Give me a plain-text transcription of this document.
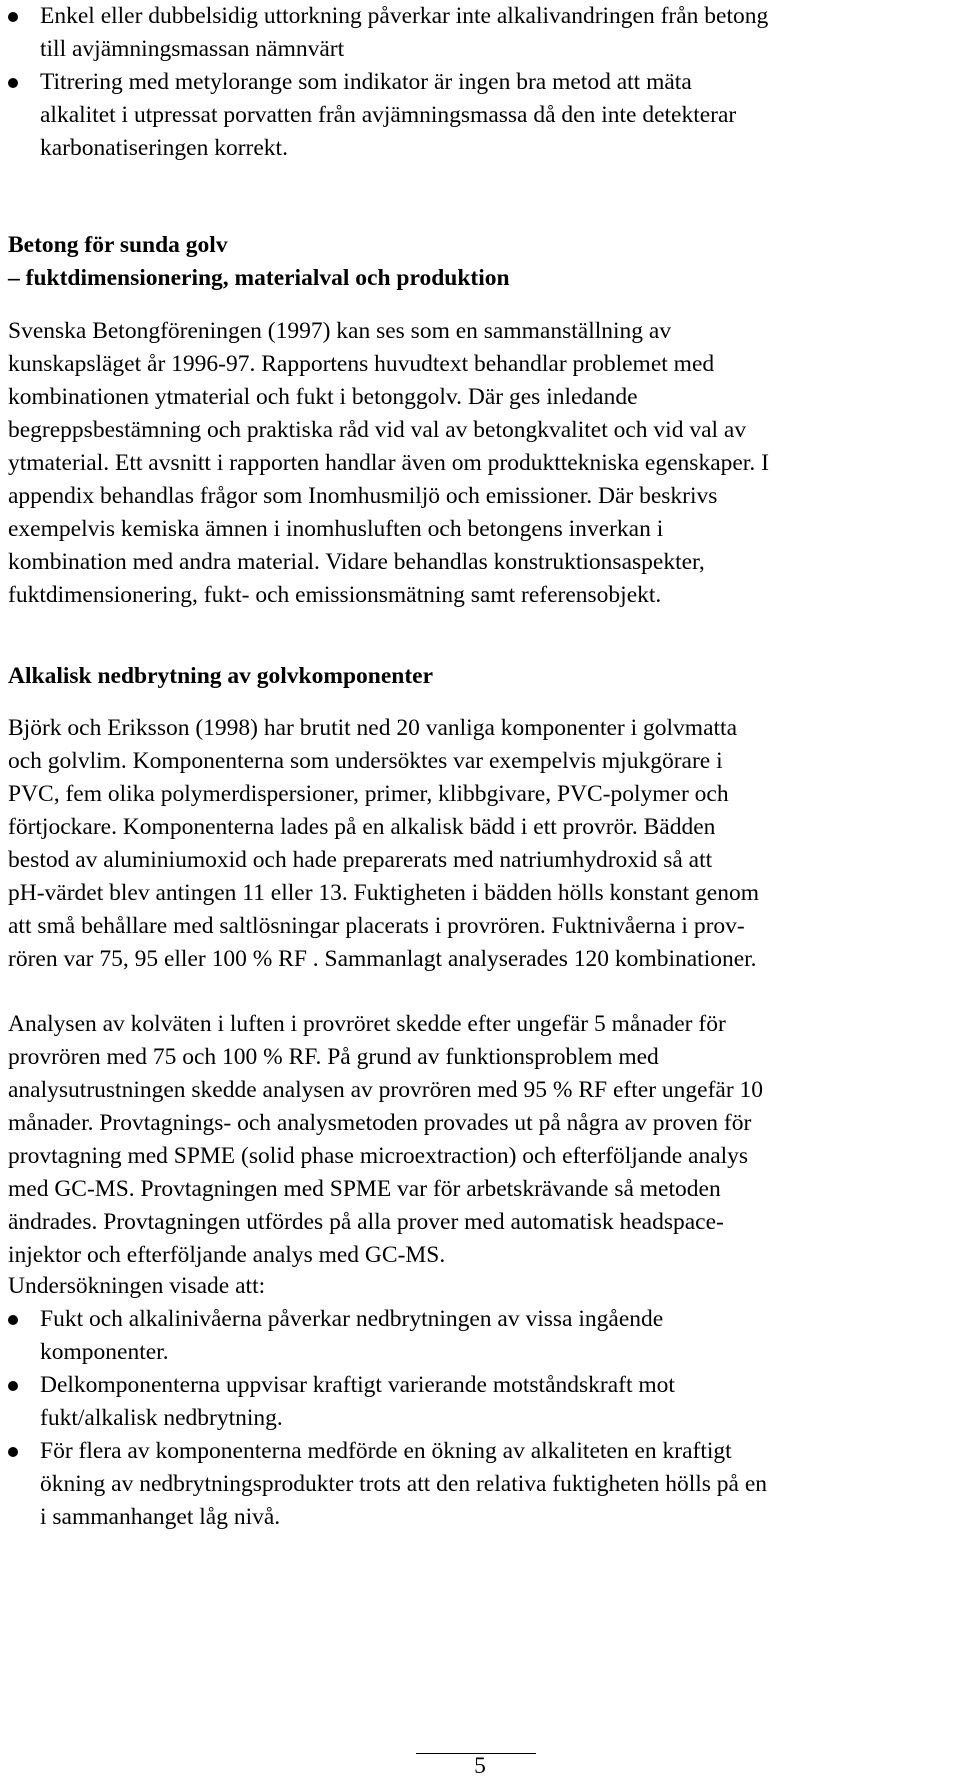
Enkel eller dubbelsidig uttorkning påverkar inte alkalivandringen från betong
till avjämningsmassan nämnvärt
Titrering med metylorange som indikator är ingen bra metod att mäta
alkalitet i utpressat porvatten från avjämningsmassa då den inte detekterar
karbonatiseringen korrekt.
Betong för sunda golv
– fuktdimensionering, materialval och produktion

Svenska Betongföreningen (1997) kan ses som en sammanställning av
kunskapsläget år 1996-97. Rapportens huvudtext behandlar problemet med
kombinationen ytmaterial och fukt i betonggolv. Där ges inledande
begreppsbestämning och praktiska råd vid val av betongkvalitet och vid val av
ytmaterial. Ett avsnitt i rapporten handlar även om produkttekniska egenskaper. I
appendix behandlas frågor som Inomhusmiljö och emissioner. Där beskrivs
exempelvis kemiska ämnen i inomhusluften och betongens inverkan i
kombination med andra material. Vidare behandlas konstruktionsaspekter,
fuktdimensionering, fukt- och emissionsmätning samt referensobjekt.

Alkalisk nedbrytning av golvkomponenter

Björk och Eriksson (1998) har brutit ned 20 vanliga komponenter i golvmatta
och golvlim. Komponenterna som undersöktes var exempelvis mjukgörare i
PVC, fem olika polymerdispersioner, primer, klibbgivare, PVC-polymer och
förtjockare. Komponenterna lades på en alkalisk bädd i ett provrör. Bädden
bestod av aluminiumoxid och hade preparerats med natriumhydroxid så att
pH-värdet blev antingen 11 eller 13. Fuktigheten i bädden hölls konstant genom
att små behållare med saltlösningar placerats i provrören. Fuktnivåerna i prov-
rören var 75, 95 eller 100 % RF . Sammanlagt analyserades 120 kombinationer.

Analysen av kolväten i luften i provröret skedde efter ungefär 5 månader för
provrören med 75 och 100 % RF. På grund av funktionsproblem med
analysutrustningen skedde analysen av provrören med 95 % RF efter ungefär 10
månader. Provtagnings- och analysmetoden provades ut på några av proven för
provtagning med SPME (solid phase microextraction) och efterföljande analys
med GC-MS. Provtagningen med SPME var för arbetskrävande så metoden
ändrades. Provtagningen utfördes på alla prover med automatisk headspace-
injektor och efterföljande analys med GC-MS.

Undersökningen visade att:

Fukt och alkalinivåerna påverkar nedbrytningen av vissa ingående
komponenter.
Delkomponenterna uppvisar kraftigt varierande motståndskraft mot
fukt/alkalisk nedbrytning.
För flera av komponenterna medförde en ökning av alkaliteten en kraftigt
ökning av nedbrytningsprodukter trots att den relativa fuktigheten hölls på en
i sammanhanget låg nivå.
5
